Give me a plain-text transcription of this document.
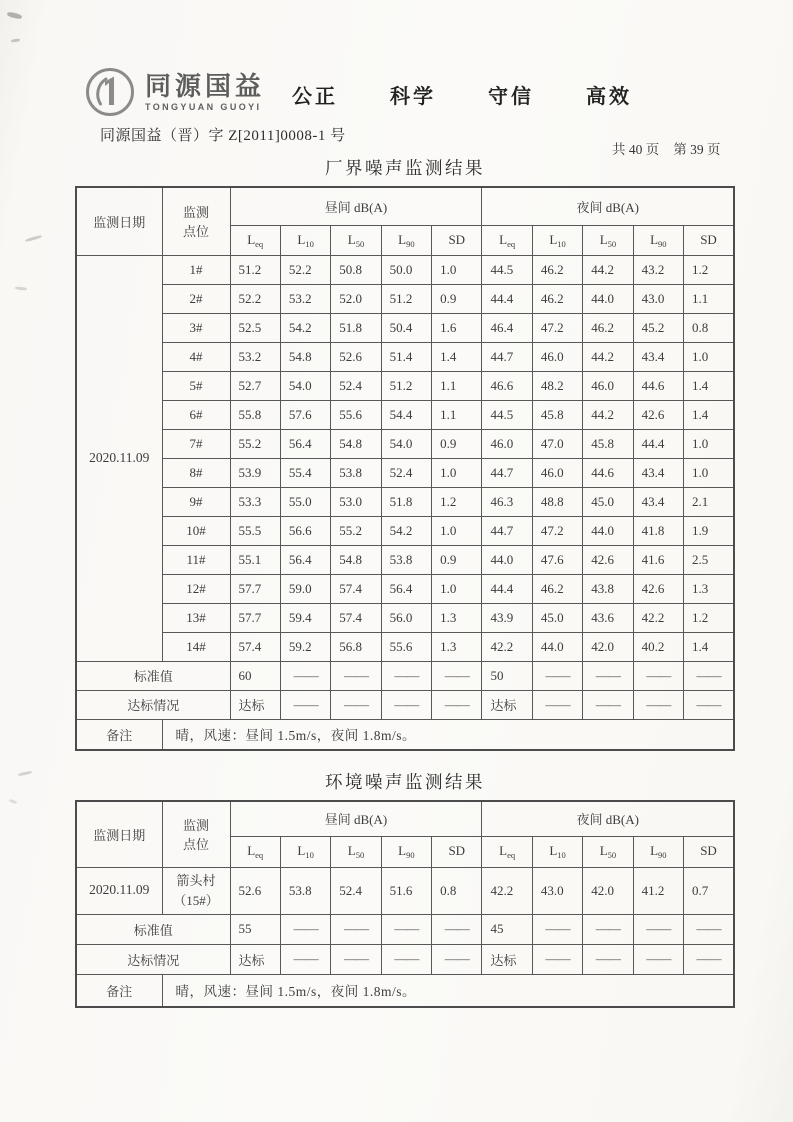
同源国益
TONGYUAN GUOYI 公正	科学	守信	高效
同源国益（晋）字 Z[2011]0008-1 号
共 40 页 第 39 页
厂界噪声监测结果
监测日期	监测
点位	昼间 dB(A)					夜间 dB(A)				
		$L_{eq}$	$L_{10}$	$L_{50}$	$L_{90}$	SD	$L_{eq}$	$L_{10}$	$L_{50}$	$L_{90}$	SD
2020.11.09	1#	51.2	52.2	50.8	50.0	1.0	44.5	46.2	44.2	43.2	1.2
	2#	52.2	53.2	52.0	51.2	0.9	44.4	46.2	44.0	43.0	1.1
	3#	52.5	54.2	51.8	50.4	1.6	46.4	47.2	46.2	45.2	0.8
	4#	53.2	54.8	52.6	51.4	1.4	44.7	46.0	44.2	43.4	1.0
	5#	52.7	54.0	52.4	51.2	1.1	46.6	48.2	46.0	44.6	1.4
	6#	55.8	57.6	55.6	54.4	1.1	44.5	45.8	44.2	42.6	1.4
	7#	55.2	56.4	54.8	54.0	0.9	46.0	47.0	45.8	44.4	1.0
	8#	53.9	55.4	53.8	52.4	1.0	44.7	46.0	44.6	43.4	1.0
	9#	53.3	55.0	53.0	51.8	1.2	46.3	48.8	45.0	43.4	2.1
	10#	55.5	56.6	55.2	54.2	1.0	44.7	47.2	44.0	41.8	1.9
	11#	55.1	56.4	54.8	53.8	0.9	44.0	47.6	42.6	41.6	2.5
	12#	57.7	59.0	57.4	56.4	1.0	44.4	46.2	43.8	42.6	1.3
	13#	57.7	59.4	57.4	56.0	1.3	43.9	45.0	43.6	42.2	1.2
	14#	57.4	59.2	56.8	55.6	1.3	42.2	44.0	42.0	40.2	1.4
标准值		60	——	——	——	——	50	——	——	——	——
达标情况		达标	——	——	——	——	达标	——	——	——	——
备注	晴，风速：昼间 1.5m/s，夜间 1.8m/s。										
环境噪声监测结果
监测日期	监测
点位	昼间 dB(A)					夜间 dB(A)				
		$L_{eq}$	$L_{10}$	$L_{50}$	$L_{90}$	SD	$L_{eq}$	$L_{10}$	$L_{50}$	$L_{90}$	SD
2020.11.09	箭头村
（15#）	52.6	53.8	52.4	51.6	0.8	42.2	43.0	42.0	41.2	0.7
标准值		55	——	——	——	——	45	——	——	——	——
达标情况		达标	——	——	——	——	达标	——	——	——	——
备注	晴，风速：昼间 1.5m/s，夜间 1.8m/s。										
